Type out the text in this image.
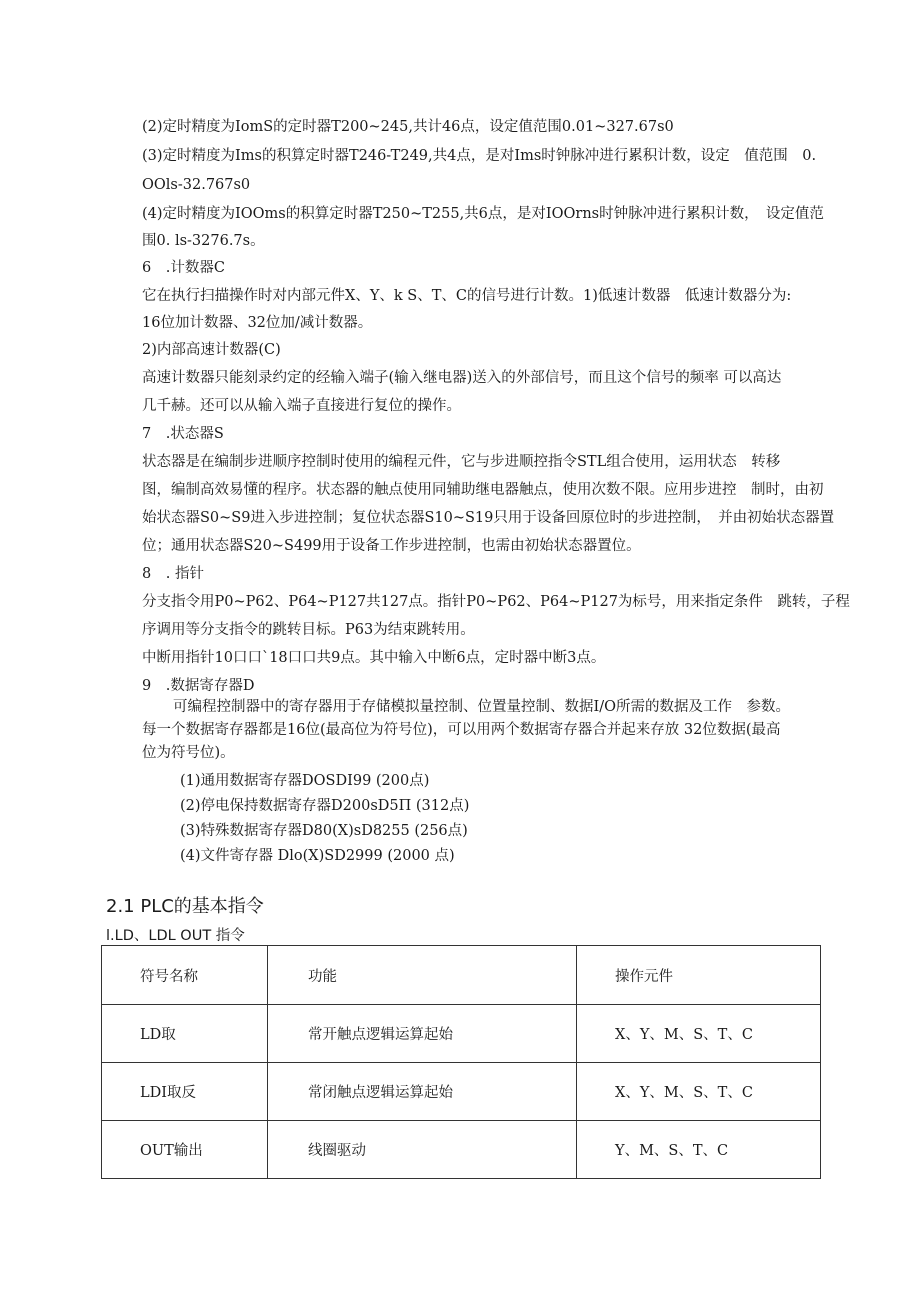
(2)定时精度为IomS的定时器T200~245,共计46点，设定值范围0.01~327.67s0
(3)定时精度为Ims的积算定时器T246-T249,共4点，是对Ims时钟脉冲进行累积计数，设定　值范围　0.
OOls-32.767s0
(4)定时精度为IOOms的积算定时器T250~T255,共6点，是对IOOrns时钟脉冲进行累积计数，　设定值范
围0. ls-3276.7s。
6　.计数器C
它在执行扫描操作时对内部元件X、Y、k S、T、C的信号进行计数。1)低速计数器　低速计数器分为:
16位加计数器、32位加/减计数器。
2)内部高速计数器(C)
高速计数器只能刻录约定的经输入端子(输入继电器)送入的外部信号，而且这个信号的频率 可以高达
几千赫。还可以从输入端子直接进行复位的操作。
7　.状态器S
状态器是在编制步进顺序控制时使用的编程元件，它与步进顺控指令STL组合使用，运用状态　转移
图，编制高效易懂的程序。状态器的触点使用同辅助继电器触点，使用次数不限。应用步进控　制时，由初
始状态器S0~S9进入步进控制；复位状态器S10~S19只用于设备回原位时的步进控制，　并由初始状态器置
位；通用状态器S20~S499用于设备工作步进控制，也需由初始状态器置位。
8　. 指针
分支指令用P0~P62、P64~P127共127点。指针P0~P62、P64~P127为标号，用来指定条件　跳转，子程
序调用等分支指令的跳转目标。P63为结束跳转用。
中断用指针10口口`18口口共9点。其中输入中断6点，定时器中断3点。
9　.数据寄存器D
可编程控制器中的寄存器用于存储模拟量控制、位置量控制、数据I/O所需的数据及工作　参数。
每一个数据寄存器都是16位(最高位为符号位)，可以用两个数据寄存器合并起来存放 32位数据(最高
位为符号位)。
(1)通用数据寄存器DOSDI99 (200点)
(2)停电保持数据寄存器D200sD5Π (312点)
(3)特殊数据寄存器D80(X)sD8255 (256点)
(4)文件寄存器 Dlo(X)SD2999 (2000 点)
2.1 PLC的基本指令
l.LD、LDL OUT 指令
符号名称	功能	操作元件
LD取	常开触点逻辑运算起始	X、Y、M、S、T、C
LDI取反	常闭触点逻辑运算起始	X、Y、M、S、T、C
OUT输出	线圈驱动	Y、M、S、T、C
